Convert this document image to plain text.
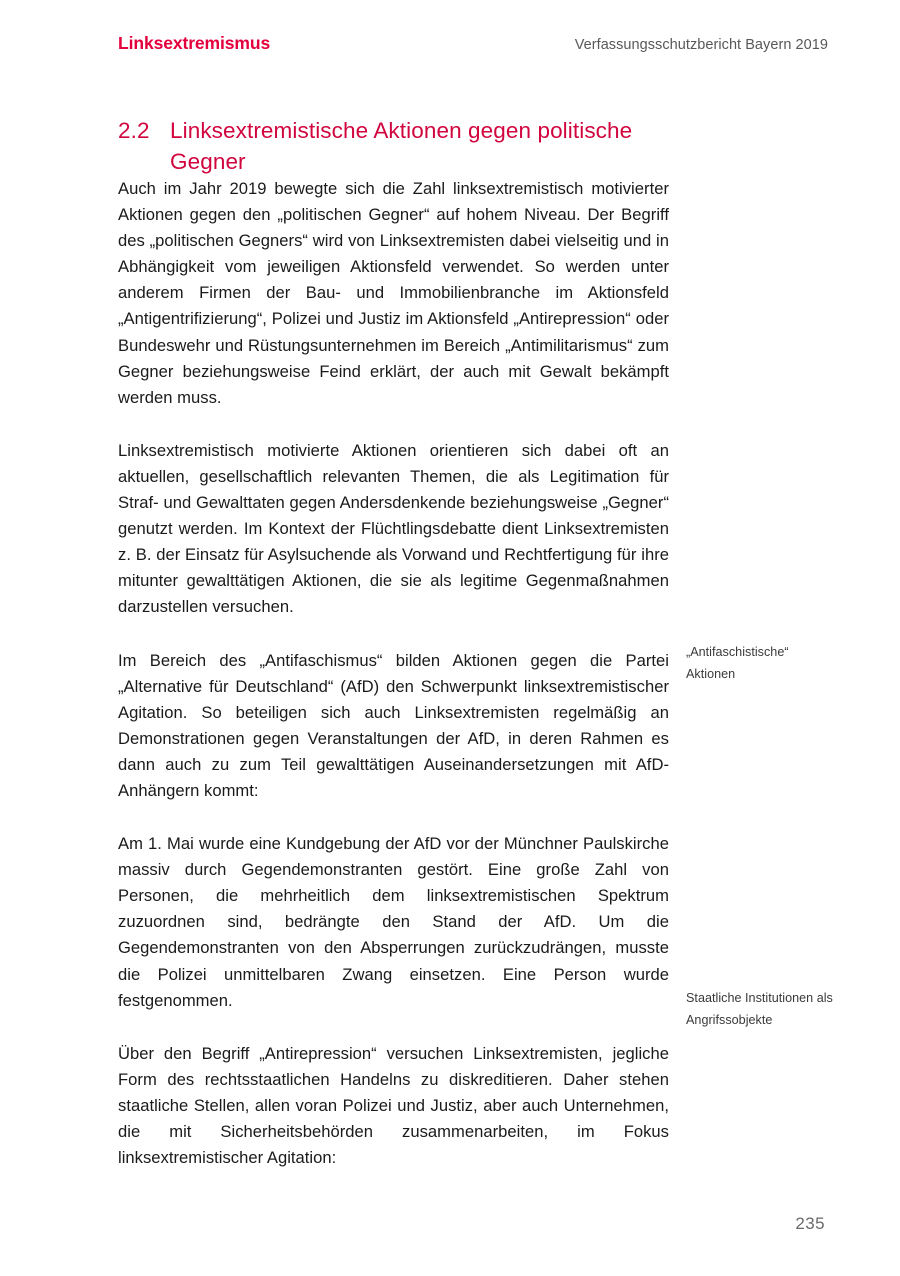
Linksextremismus	Verfassungsschutzbericht Bayern 2019
2.2 Linksextremistische Aktionen gegen politische Gegner

Auch im Jahr 2019 bewegte sich die Zahl linksextremistisch motivierter Aktionen gegen den „politischen Gegner“ auf hohem Niveau. Der Begriff des „politischen Gegners“ wird von Linksextremisten dabei vielseitig und in Abhängigkeit vom jeweiligen Aktionsfeld verwendet. So werden unter anderem Firmen der Bau- und Immobilienbranche im Aktionsfeld „Antigentrifizierung“, Polizei und Justiz im Aktionsfeld „Antirepression“ oder Bundeswehr und Rüstungsunternehmen im Bereich „Antimilitarismus“ zum Gegner beziehungsweise Feind erklärt, der auch mit Gewalt bekämpft werden muss.

Linksextremistisch motivierte Aktionen orientieren sich dabei oft an aktuellen, gesellschaftlich relevanten Themen, die als Legitimation für Straf- und Gewalttaten gegen Andersdenkende beziehungsweise „Gegner“ genutzt werden. Im Kontext der Flüchtlingsdebatte dient Linksextremisten z. B. der Einsatz für Asylsuchende als Vorwand und Rechtfertigung für ihre mitunter gewalttätigen Aktionen, die sie als legitime Gegenmaßnahmen darzustellen versuchen.

Im Bereich des „Antifaschismus“ bilden Aktionen gegen die Partei „Alternative für Deutschland“ (AfD) den Schwerpunkt linksextremistischer Agitation. So beteiligen sich auch Linksextremisten regelmäßig an Demonstrationen gegen Veranstaltungen der AfD, in deren Rahmen es dann auch zu zum Teil gewalttätigen Auseinandersetzungen mit AfD-Anhängern kommt:

Am 1. Mai wurde eine Kundgebung der AfD vor der Münchner Paulskirche massiv durch Gegendemonstranten gestört. Eine große Zahl von Personen, die mehrheitlich dem linksextremistischen Spektrum zuzuordnen sind, bedrängte den Stand der AfD. Um die Gegendemonstranten von den Absperrungen zurückzudrängen, musste die Polizei unmittelbaren Zwang einsetzen. Eine Person wurde festgenommen.

Über den Begriff „Antirepression“ versuchen Linksextremisten, jegliche Form des rechtsstaatlichen Handelns zu diskreditieren. Daher stehen staatliche Stellen, allen voran Polizei und Justiz, aber auch Unternehmen, die mit Sicherheitsbehörden zusammenarbeiten, im Fokus linksextremistischer Agitation:

„Antifaschistische“ Aktionen
Staatliche Institutionen als Angrifssobjekte
235
